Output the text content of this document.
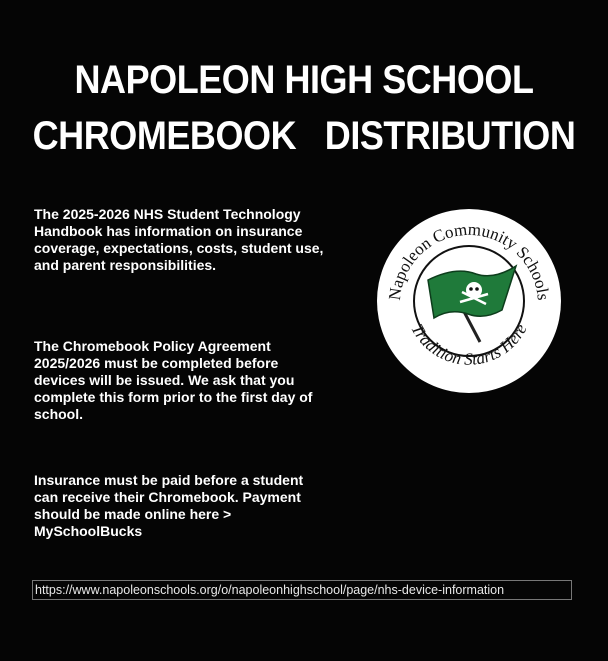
NAPOLEON HIGH SCHOOL
CHROMEBOOK   DISTRIBUTION
The 2025-2026 NHS Student Technology Handbook has information on insurance coverage, expectations, costs, student use, and parent responsibilities.
The Chromebook Policy Agreement 2025/2026 must be completed before devices will be issued. We ask that you complete this form prior to the first day of school.
Insurance must be paid before a student can receive their Chromebook. Payment should be made online here > MySchoolBucks
https://www.napoleonschools.org/o/napoleonhighschool/page/nhs-device-information
Napoleon Community Schools
Tradition Starts Here
